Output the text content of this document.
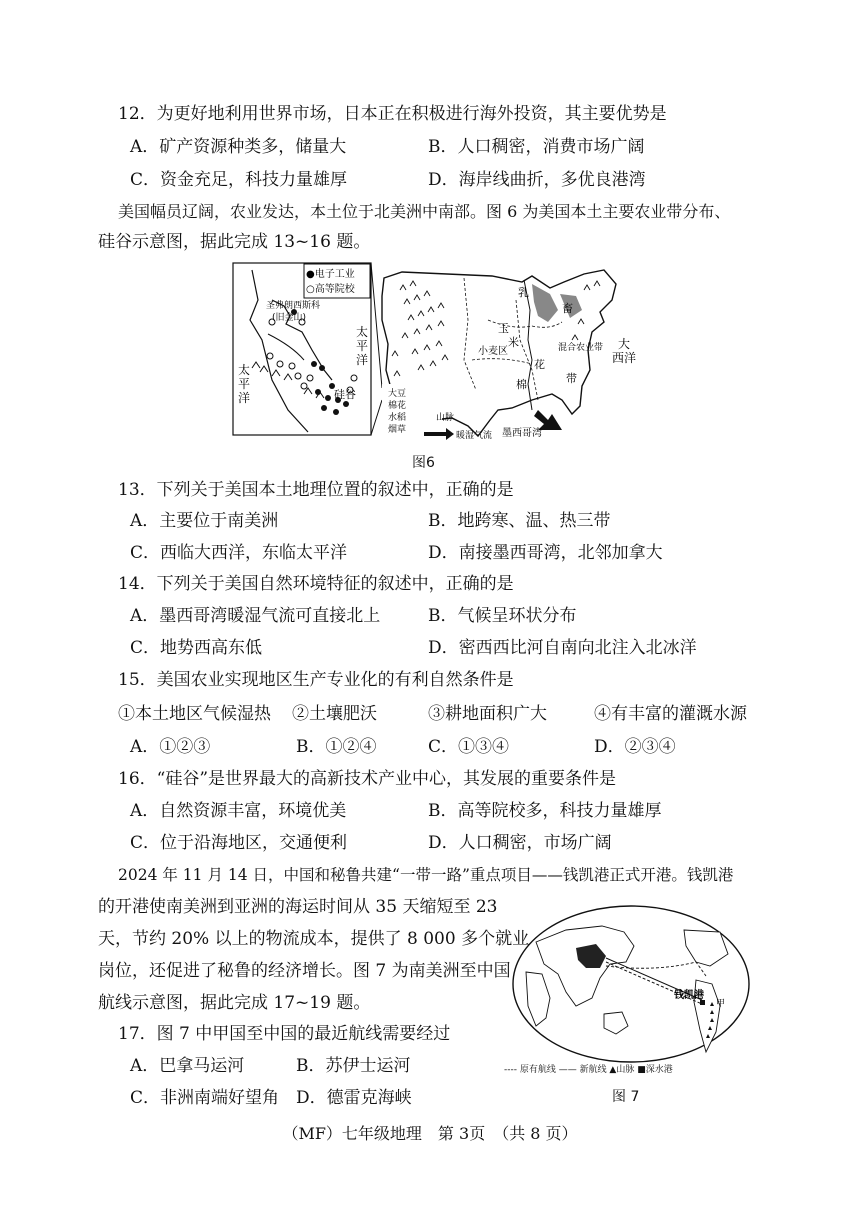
12．为更好地利用世界市场，日本正在积极进行海外投资，其主要优势是
A．矿产资源种类多，储量大	B．人口稠密，消费市场广阔
C．资金充足，科技力量雄厚	D．海岸线曲折，多优良港湾
美国幅员辽阔，农业发达，本土位于北美洲中南部。图 6 为美国本土主要农业带分布、
硅谷示意图，据此完成 13~16 题。
●电子工业
○高等院校
圣弗朗西斯科
(旧金山)
太
平
洋	硅谷	大豆
棉花
水稻
烟草
山脉
暖湿气流
太
平
洋
大
西洋
墨西哥湾
小麦区
玉
米
乳
畜
混合农业带
棉
花
带
图6
13．下列关于美国本土地理位置的叙述中，正确的是
A．主要位于南美洲	B．地跨寒、温、热三带
C．西临大西洋，东临太平洋	D．南接墨西哥湾，北邻加拿大
14．下列关于美国自然环境特征的叙述中，正确的是
A．墨西哥湾暖湿气流可直接北上	B．气候呈环状分布
C．地势西高东低	D．密西西比河自南向北注入北冰洋
15．美国农业实现地区生产专业化的有利自然条件是
①本土地区气候湿热 ②土壤肥沃	③耕地面积广大	④有丰富的灌溉水源
A．①②③	B．①②④	C．①③④	D．②③④
16．“硅谷”是世界最大的高新技术产业中心，其发展的重要条件是
A．自然资源丰富，环境优美	B．高等院校多，科技力量雄厚
C．位于沿海地区，交通便利	D．人口稠密，市场广阔
2024 年 11 月 14 日，中国和秘鲁共建“一带一路”重点项目——钱凯港正式开港。钱凯港
的开港使南美洲到亚洲的海运时间从 35 天缩短至 23
天，节约 20% 以上的物流成本，提供了 8 000 多个就业
岗位，还促进了秘鲁的经济增长。图 7 为南美洲至中国
航线示意图，据此完成 17~19 题。	钱凯港
甲
---- 原有航线 —— 新航线 ▲山脉 ■深水港
图 7
17．图 7 中甲国至中国的最近航线需要经过
A．巴拿马运河	B．苏伊士运河
C．非洲南端好望角 D．德雷克海峡
（MF）七年级地理　第 3页　（共 8 页）
